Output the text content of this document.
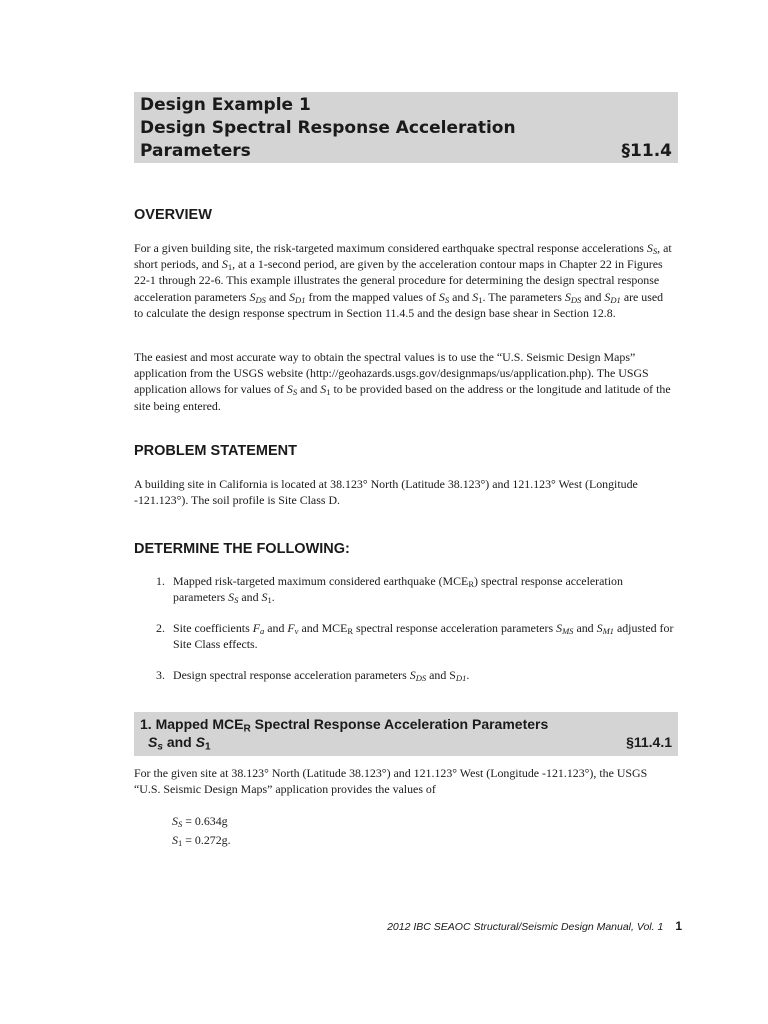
Design Example 1
Design Spectral Response Acceleration
Parameters	§11.4
OVERVIEW

For a given building site, the risk-targeted maximum considered earthquake spectral response accelerations $S_S$, at short periods, and $S_1$, at a 1-second period, are given by the acceleration contour maps in Chapter 22 in Figures 22-1 through 22-6. This example illustrates the general procedure for determining the design spectral response acceleration parameters $S_{DS}$ and $S_{D1}$ from the mapped values of $S_S$ and $S_1$. The parameters $S_{DS}$ and $S_{D1}$ are used to calculate the design response spectrum in Section 11.4.5 and the design base shear in Section 12.8.

The easiest and most accurate way to obtain the spectral values is to use the “U.S. Seismic Design Maps” application from the USGS website (http://geohazards.usgs.gov/designmaps/us/application.php). The USGS application allows for values of $S_S$ and $S_1$ to be provided based on the address or the longitude and latitude of the site being entered.

PROBLEM STATEMENT

A building site in California is located at 38.123° North (Latitude 38.123°) and 121.123° West (Longitude -121.123°). The soil profile is Site Class D.

DETERMINE THE FOLLOWING:
1. Mapped risk-targeted maximum considered earthquake $(MCE_R)$ spectral response acceleration parameters $S_S$ and $S_1$.
2. Site coefficients $F_a$ and $F_v$ and $MCE_R$ spectral response acceleration parameters $S_{MS}$ and $S_{M1}$ adjusted for Site Class effects.
3. Design spectral response acceleration parameters $S_{DS}$ and $S_{D1}$.
1. Mapped $MCE_R$ Spectral Response Acceleration Parameters
$S_s$ and $S_1$	§11.4.1

For the given site at 38.123° North (Latitude 38.123°) and 121.123° West (Longitude -121.123°), the USGS “U.S. Seismic Design Maps” application provides the values of

$S_S = 0.634g$
$S_1 = 0.272g$.
2012 IBC SEAOC Structural/Seismic Design Manual, Vol. 1 1
